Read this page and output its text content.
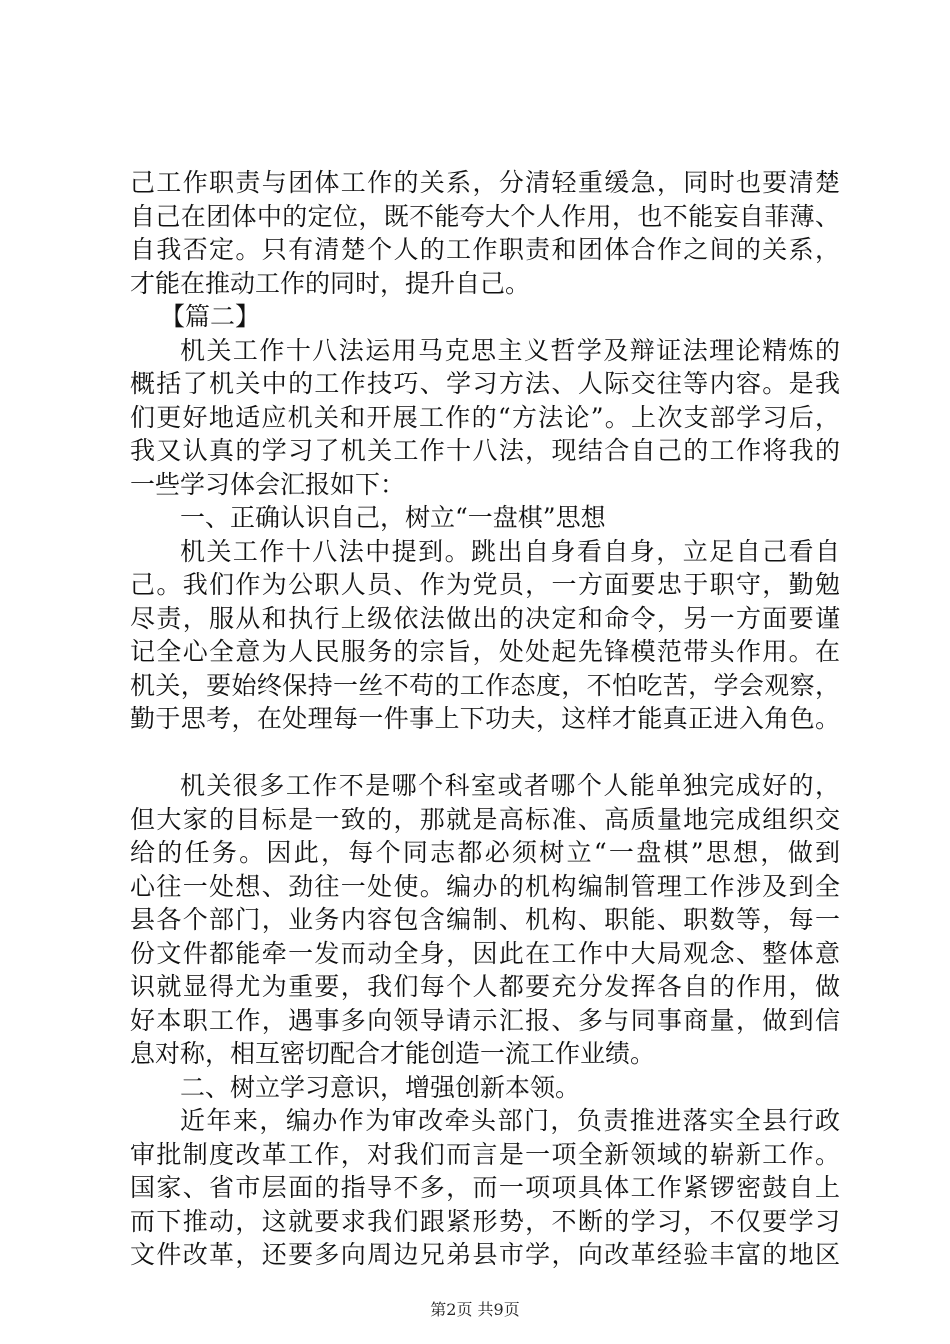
己工作职责与团体工作的关系，分清轻重缓急，同时也要清楚
自己在团体中的定位，既不能夸大个人作用，也不能妄自菲薄、
自我否定。只有清楚个人的工作职责和团体合作之间的关系，
才能在推动工作的同时，提升自己。
【篇二】
机关工作十八法运用马克思主义哲学及辩证法理论精炼的
概括了机关中的工作技巧、学习方法、人际交往等内容。是我
们更好地适应机关和开展工作的“方法论”。上次支部学习后，
我又认真的学习了机关工作十八法，现结合自己的工作将我的
一些学习体会汇报如下：
一、正确认识自己，树立“一盘棋”思想
机关工作十八法中提到。跳出自身看自身，立足自己看自
己。我们作为公职人员、作为党员，一方面要忠于职守，勤勉
尽责，服从和执行上级依法做出的决定和命令，另一方面要谨
记全心全意为人民服务的宗旨，处处起先锋模范带头作用。在
机关，要始终保持一丝不苟的工作态度，不怕吃苦，学会观察，
勤于思考，在处理每一件事上下功夫，这样才能真正进入角色。
机关很多工作不是哪个科室或者哪个人能单独完成好的，
但大家的目标是一致的，那就是高标准、高质量地完成组织交
给的任务。因此，每个同志都必须树立“一盘棋”思想，做到
心往一处想、劲往一处使。编办的机构编制管理工作涉及到全
县各个部门，业务内容包含编制、机构、职能、职数等，每一
份文件都能牵一发而动全身，因此在工作中大局观念、整体意
识就显得尤为重要，我们每个人都要充分发挥各自的作用，做
好本职工作，遇事多向领导请示汇报、多与同事商量，做到信
息对称，相互密切配合才能创造一流工作业绩。
二、树立学习意识，增强创新本领。
近年来，编办作为审改牵头部门，负责推进落实全县行政
审批制度改革工作，对我们而言是一项全新领域的崭新工作。
国家、省市层面的指导不多，而一项项具体工作紧锣密鼓自上
而下推动，这就要求我们跟紧形势，不断的学习，不仅要学习
文件改革，还要多向周边兄弟县市学，向改革经验丰富的地区
第2页 共9页
